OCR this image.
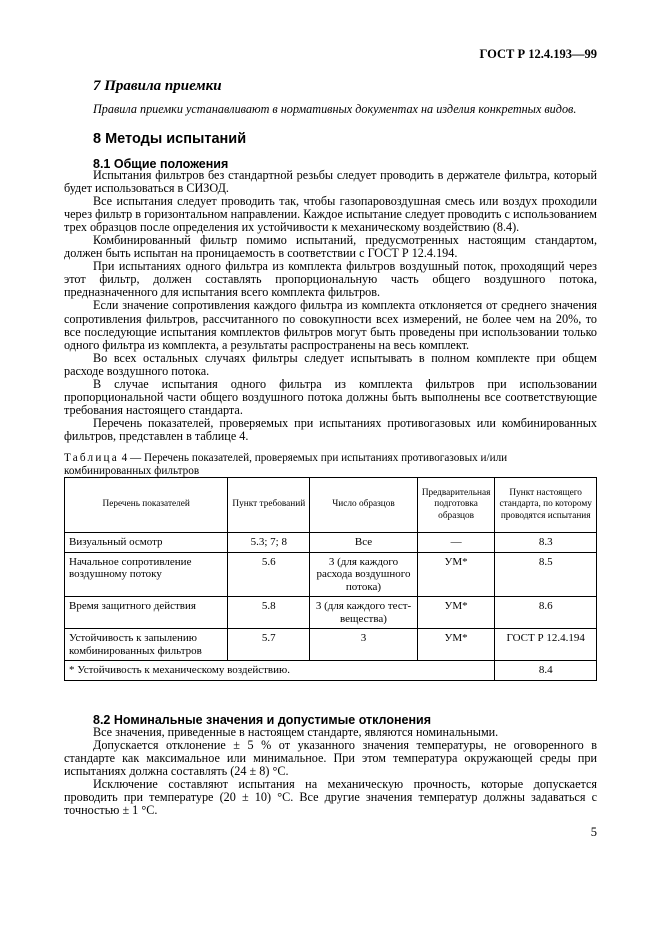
ГОСТ Р 12.4.193—99
7 Правила приемки
Правила приемки устанавливают в нормативных документах на изделия конкретных видов.
8 Методы испытаний
8.1 Общие положения

Испытания фильтров без стандартной резьбы следует проводить в держателе фильтра, который будет использоваться в СИЗОД.

Все испытания следует проводить так, чтобы газопаровоздушная смесь или воздух проходили через фильтр в горизонтальном направлении. Каждое испытание следует проводить с использованием трех образцов после определения их устойчивости к механическому воздействию (8.4).

Комбинированный фильтр помимо испытаний, предусмотренных настоящим стандартом, должен быть испытан на проницаемость в соответствии с ГОСТ Р 12.4.194.

При испытаниях одного фильтра из комплекта фильтров воздушный поток, проходящий через этот фильтр, должен составлять пропорциональную часть общего воздушного потока, предназначенного для испытания всего комплекта фильтров.

Если значение сопротивления каждого фильтра из комплекта отклоняется от среднего значения сопротивления фильтров, рассчитанного по совокупности всех измерений, не более чем на 20%, то все последующие испытания комплектов фильтров могут быть проведены при использовании только одного фильтра из комплекта, а результаты распространены на весь комплект.

Во всех остальных случаях фильтры следует испытывать в полном комплекте при общем расходе воздушного потока.

В случае испытания одного фильтра из комплекта фильтров при использовании пропорциональной части общего воздушного потока должны быть выполнены все соответствующие требования настоящего стандарта.

Перечень показателей, проверяемых при испытаниях противогазовых или комбинированных фильтров, представлен в таблице 4.

Таблица 4 — Перечень показателей, проверяемых при испытаниях противогазовых и/или комбинированных фильтров
Перечень показателей	Пункт требований	Число образцов	Предварительная подготовка образцов	Пункт настоящего стандарта, по которому проводятся испытания
Визуальный осмотр	5.3; 7; 8	Все	—	8.3
Начальное сопротивление воздушному потоку	5.6	3 (для каждого расхода воздушного потока)	УМ*	8.5
Время защитного действия	5.8	3 (для каждого тест-вещества)	УМ*	8.6
Устойчивость к запылению комбинированных фильтров	5.7	3	УМ*	ГОСТ Р 12.4.194
* Устойчивость к механическому воздействию.				8.4
8.2 Номинальные значения и допустимые отклонения

Все значения, приведенные в настоящем стандарте, являются номинальными.

Допускается отклонение ± 5 % от указанного значения температуры, не оговоренного в стандарте как максимальное или минимальное. При этом температура окружающей среды при испытаниях должна составлять (24 ± 8) °С.

Исключение составляют испытания на механическую прочность, которые допускается проводить при температуре (20 ± 10) °С. Все другие значения температур должны задаваться с точностью ± 1 °С.

5
